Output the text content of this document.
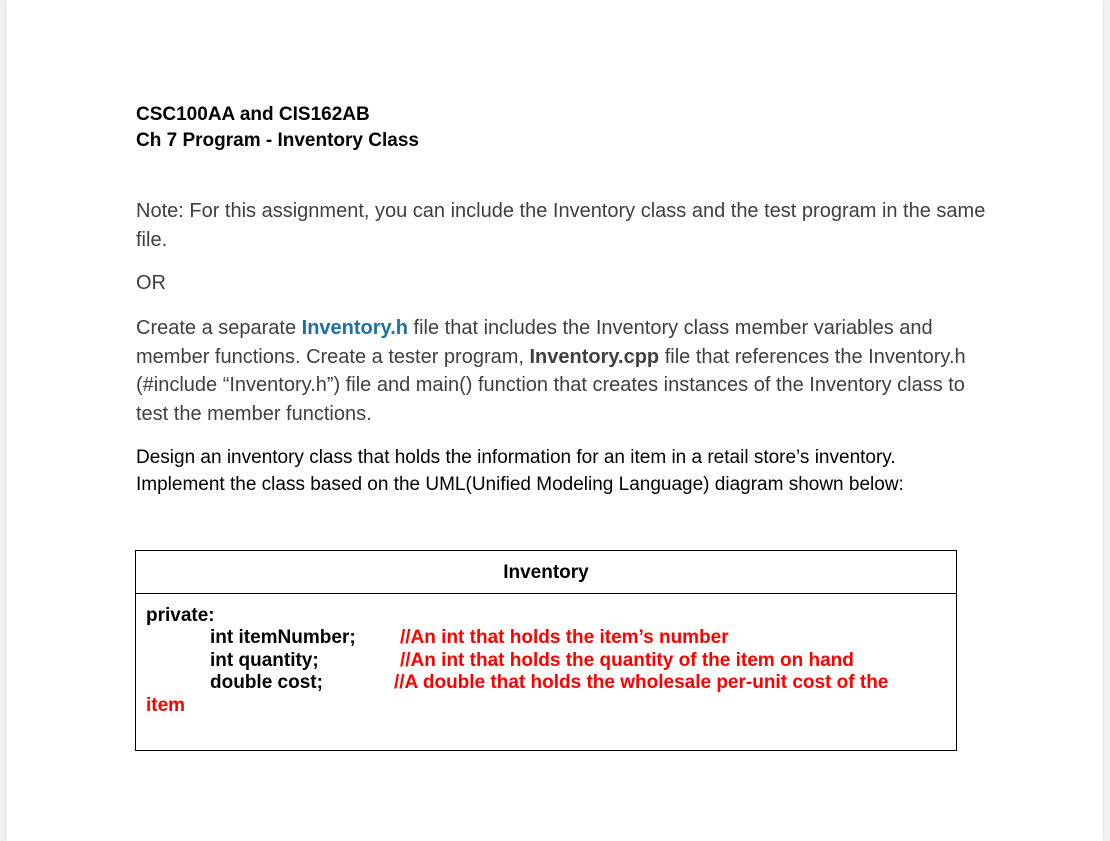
CSC100AA and CIS162AB
Ch 7 Program - Inventory Class
Note: For this assignment, you can include the Inventory class and the test program in the same file.
OR
Create a separate Inventory.h file that includes the Inventory class member variables and member functions. Create a tester program, Inventory.cpp file that references the Inventory.h (#include “Inventory.h”) file and main() function that creates instances of the Inventory class to test the member functions.
Design an inventory class that holds the information for an item in a retail store’s inventory.
Implement the class based on the UML(Unified Modeling Language) diagram shown below:
Inventory
private:
int itemNumber; //An int that holds the item’s number
int quantity;	//An int that holds the quantity of the item on hand
double cost;	//A double that holds the wholesale per-unit cost of the
item
